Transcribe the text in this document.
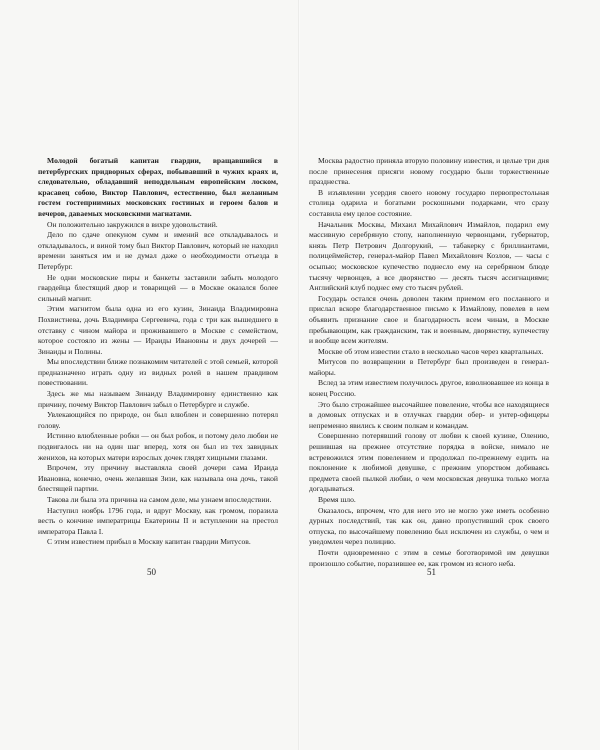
Молодой богатый капитан гвардии, вращавшийся в петербургских придворных сферах, побывавший в чужих краях и, следовательно, обладавший неподдельным европейским лоском, красавец собою, Виктор Павлович, естественно, был желанным гостем гостеприимных московских гостиных и героем балов и вечеров, даваемых московскими магнатами.

Он положительно закружился в вихре удовольствий.

Дело по сдаче опекуном сумм и имений все откладывалось и откладывалось, и виной тому был Виктор Павлович, который не находил времени заняться им и не думал даже о необходимости отъезда в Петербург.

Не одни московские пиры и банкеты заставили забыть молодого гвардейца блестящий двор и товарищей — в Москве оказался более сильный магнит.

Этим магнитом была одна из его кузин, Зинаида Владимировна Похвистнева, дочь Владимира Сергеевича, года с три как вышедшего в отставку с чином майора и проживавшего в Москве с семейством, которое состояло из жены — Ираиды Ивановны и двух дочерей — Зинаиды и Полины.

Мы впоследствии ближе познакомим читателей с этой семьей, которой предназначено играть одну из видных ролей в нашем правдивом повествовании.

Здесь же мы называем Зинаиду Владимировну единственно как причину, почему Виктор Павлович забыл о Петербурге и службе.

Увлекающийся по природе, он был влюблен и совершенно потерял голову.

Истинно влюбленные робки — он был робок, и потому дело любви не подвигалось ни на один шаг вперед, хотя он был из тех завидных женихов, на которых матери взрослых дочек глядят хищными глазами.

Впрочем, эту причину выставляла своей дочери сама Ираида Ивановна, конечно, очень желавшая Зизи, как называла она дочь, такой блестящей партии.

Такова ли была эта причина на самом деле, мы узнаем впоследствии.

Наступил ноябрь 1796 года, и вдруг Москву, как громом, поразила весть о кончине императрицы Екатерины II и вступлении на престол императора Павла I.

С этим известием прибыл в Москву капитан гвардии Митусов.

50

Москва радостно приняла вторую половину известия, и целые три дня после принесения присяги новому государю были торжественные празднества.

В изъявлении усердия своего новому государю первопрестольная столица одарила и богатыми роскошными подарками, что сразу составила ему целое состояние.

Начальник Москвы, Михаил Михайлович Измайлов, подарил ему массивную серебряную стопу, наполненную червонцами, губернатор, князь Петр Петрович Долгорукий, — табакерку с бриллиантами, полицеймейстер, генерал-майор Павел Михайлович Козлов, — часы с осыпью; московское купечество поднесло ему на серебряном блюде тысячу червонцев, а все дворянство — десять тысяч ассигнациями; Английский клуб поднес ему сто тысяч рублей.

Государь остался очень доволен таким приемом его посланного и прислал вскоре благодарственное письмо к Измайлову, повелев в нем объявить признание свое и благодарность всем чинам, в Москве пребывающим, как гражданским, так и военным, дворянству, купечеству и вообще всем жителям.

Москве об этом известии стало в несколько часов через квартальных.

Митусов по возвращении в Петербург был произведен в генерал-майоры.

Вслед за этим известием получилось другое, взволновавшее из конца в конец Россию.

Это было строжайшее высочайшее повеление, чтобы все находящиеся в домовых отпусках и в отлучках гвардии обер- и унтер-офицеры непременно явились к своим полкам и командам.

Совершенно потерявший голову от любви к своей кузине, Олению, решившая на прежнее отсутствие порядка в войске, нимало не встревожился этим повелением и продолжал по-прежнему ездить на поклонение к любимой девушке, с прежним упорством добиваясь предмета своей пылкой любви, о чем московская девушка только могла догадываться.

Время шло.

Оказалось, впрочем, что для него это не могло уже иметь особенно дурных последствий, так как он, давно пропустивший срок своего отпуска, по высочайшему повелению был исключен из службы, о чем и уведомлен через полицию.

Почти одновременно с этим в семье боготворимой им девушки произошло событие, поразившее ее, как громом из ясного неба.

51
